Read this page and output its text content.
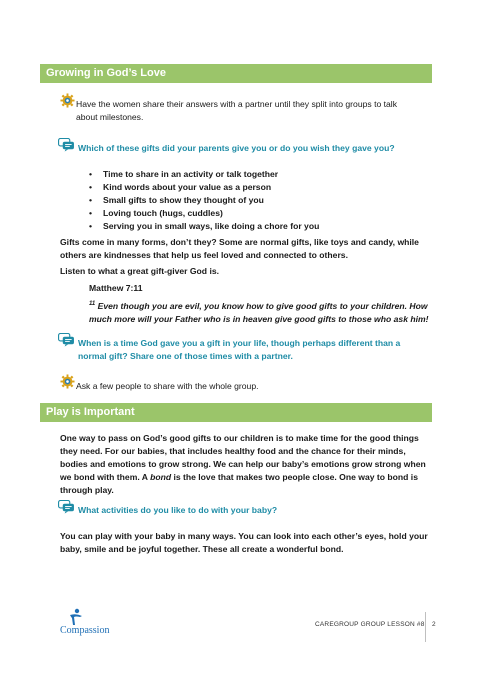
Growing in God’s Love
Have the women share their answers with a partner until they split into groups to talk about milestones.
Which of these gifts did your parents give you or do you wish they gave you?
• Time to share in an activity or talk together
• Kind words about your value as a person
• Small gifts to show they thought of you
• Loving touch (hugs, cuddles)
• Serving you in small ways, like doing a chore for you
Gifts come in many forms, don’t they? Some are normal gifts, like toys and candy, while others are kindnesses that help us feel loved and connected to others.
Listen to what a great gift-giver God is.
Matthew 7:11
$^{11}$ Even though you are evil, you know how to give good gifts to your children. How much more will your Father who is in heaven give good gifts to those who ask him!
When is a time God gave you a gift in your life, though perhaps different than a normal gift? Share one of those times with a partner.
Ask a few people to share with the whole group.
Play is Important
One way to pass on God’s good gifts to our children is to make time for the good things they need. For our babies, that includes healthy food and the chance for their minds, bodies and emotions to grow strong. We can help our baby’s emotions grow strong when we bond with them. A bond is the love that makes two people close. One way to bond is through play.
What activities do you like to do with your baby?
You can play with your baby in many ways. You can look into each other’s eyes, hold your baby, smile and be joyful together. These all create a wonderful bond.
Compassion
CAREGROUP GROUP LESSON #8 2
